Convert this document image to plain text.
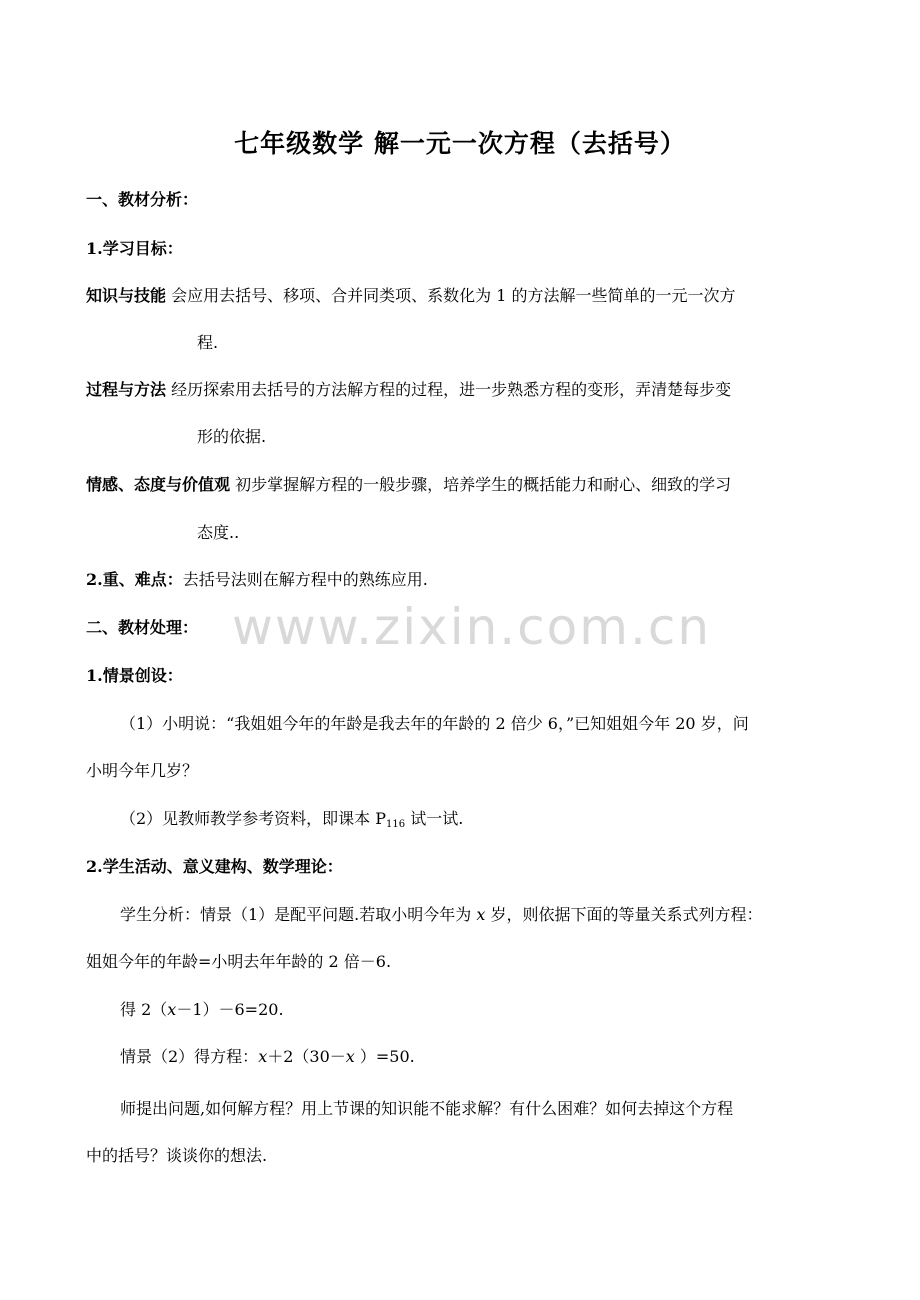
七年级数学 解一元一次方程（去括号）
一、教材分析：
1.学习目标：
知识与技能 会应用去括号、移项、合并同类项、系数化为 1 的方法解一些简单的一元一次方
程.
过程与方法 经历探索用去括号的方法解方程的过程，进一步熟悉方程的变形，弄清楚每步变
形的依据.
情感、态度与价值观 初步掌握解方程的一般步骤，培养学生的概括能力和耐心、细致的学习
态度..
2.重、难点：去括号法则在解方程中的熟练应用.
www.zixin.com.cn
二、教材处理：
1.情景创设：
（1）小明说：“我姐姐今年的年龄是我去年的年龄的 2 倍少 6，”已知姐姐今年 20 岁，问
小明今年几岁？
（2）见教师教学参考资料，即课本 $P_{116}$ 试一试.
2.学生活动、意义建构、数学理论：
学生分析：情景（1）是配平问题.若取小明今年为 x 岁，则依据下面的等量关系式列方程：
姐姐今年的年龄=小明去年年龄的 2 倍－6.
得 2（x－1）－6=20.
情景（2）得方程：x＋2（30－x ）=50.
师提出问题,如何解方程？用上节课的知识能不能求解？有什么困难？如何去掉这个方程
中的括号？谈谈你的想法.
